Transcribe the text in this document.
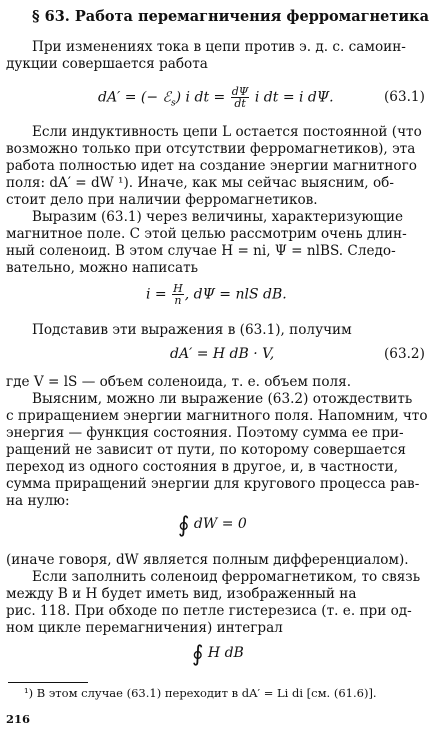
§ 63. Работа перемагничения ферромагнетика
При изменениях тока в цепи против э. д. с. самоин-
дукции совершается работа
dA′ = (− ℰ$_s$) i dt = $\frac{d\Psi}{dt}$ i dt = i dΨ.	(63.1)
Если индуктивность цепи L остается постоянной (что
возможно только при отсутствии ферромагнетиков), эта
работа полностью идет на создание энергии магнитного
поля: dA′ = dW ¹). Иначе, как мы сейчас выясним, об-
стоит дело при наличии ферромагнетиков.
Выразим (63.1) через величины, характеризующие
магнитное поле. С этой целью рассмотрим очень длин-
ный соленоид. В этом случае H = ni, Ψ = nlBS. Следо-
вательно, можно написать
$i = \frac{H}{n}$ , dΨ = nlS dB.
Подставив эти выражения в (63.1), получим
dA′ = H dB · V,	(63.2)
где V = lS — объем соленоида, т. е. объем поля.
Выясним, можно ли выражение (63.2) отождествить
с приращением энергии магнитного поля. Напомним, что
энергия — функция состояния. Поэтому сумма ее при-
ращений не зависит от пути, по которому совершается
переход из одного состояния в другое, и, в частности,
сумма приращений энергии для кругового процесса рав-
на нулю:
∮ dW = 0
(иначе говоря, dW является полным дифференциалом).
Если заполнить соленоид ферромагнетиком, то связь
между B и H будет иметь вид, изображенный на
рис. 118. При обходе по петле гистерезиса (т. е. при од-
ном цикле перемагничения) интеграл
∮ H dB
¹) В этом случае (63.1) переходит в dA′ = Li di [см. (61.6)].
216
